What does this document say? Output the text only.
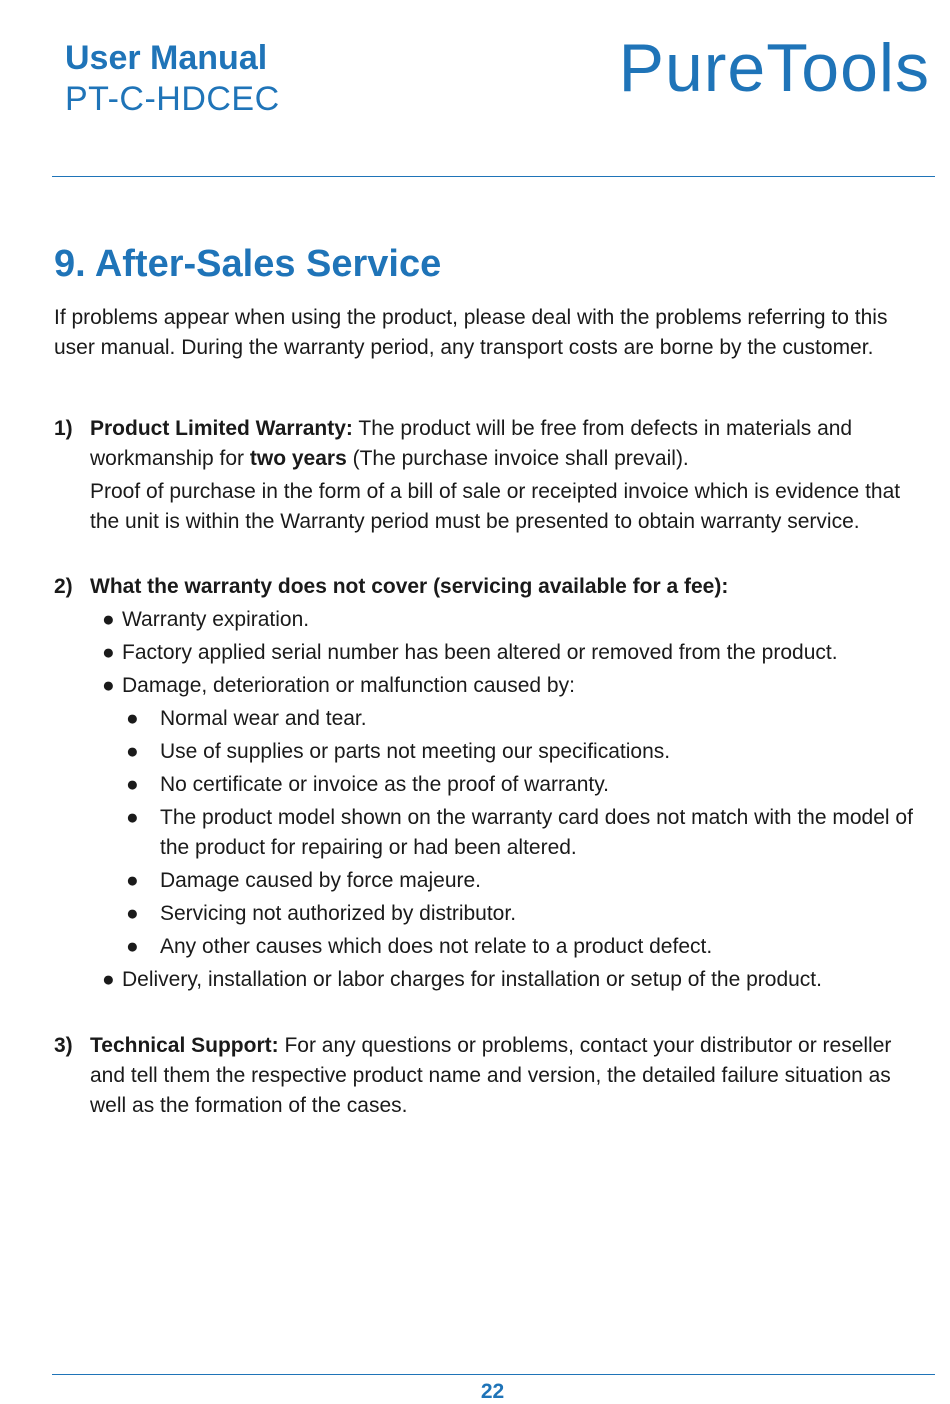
User Manual
PT-C-HDCEC	PureTools
9. After-Sales Service

If problems appear when using the product, please deal with the problems referring to this user manual. During the warranty period, any transport costs are borne by the customer.

1) Product Limited Warranty: The product will be free from defects in materials and workmanship for two years (The purchase invoice shall prevail).

Proof of purchase in the form of a bill of sale or receipted invoice which is evidence that the unit is within the Warranty period must be presented to obtain warranty service.

2) What the warranty does not cover (servicing available for a fee):

● Warranty expiration.
● Factory applied serial number has been altered or removed from the product.
● Damage, deterioration or malfunction caused by:
● Normal wear and tear.
● Use of supplies or parts not meeting our specifications.
● No certificate or invoice as the proof of warranty.
● The product model shown on the warranty card does not match with the model of the product for repairing or had been altered.
● Damage caused by force majeure.
● Servicing not authorized by distributor.
● Any other causes which does not relate to a product defect.
● Delivery, installation or labor charges for installation or setup of the product.
3) Technical Support: For any questions or problems, contact your distributor or reseller and tell them the respective product name and version, the detailed failure situation as well as the formation of the cases.

22
